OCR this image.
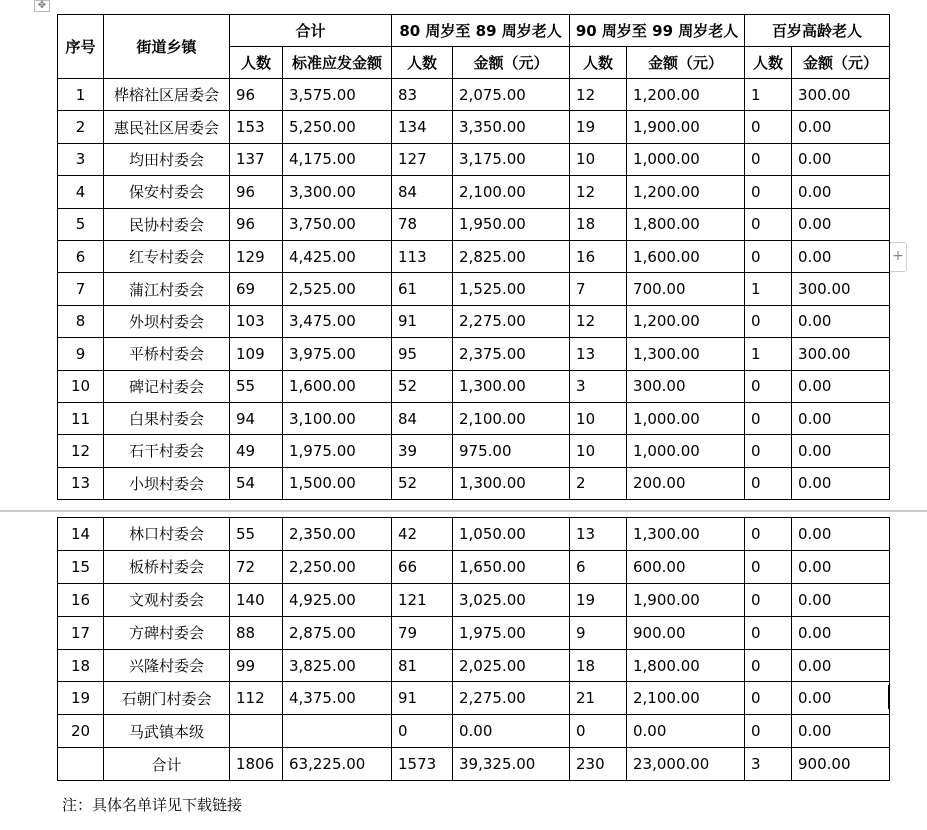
✥
+
序号	街道乡镇	合计		80 周岁至 89 周岁老人		90 周岁至 99 周岁老人		百岁高龄老人	
		人数	标准应发金额	人数	金额（元）	人数	金额（元）	人数	金额（元）
1	桦榕社区居委会	96	3,575.00	83	2,075.00	12	1,200.00	1	300.00
2	惠民社区居委会	153	5,250.00	134	3,350.00	19	1,900.00	0	0.00
3	均田村委会	137	4,175.00	127	3,175.00	10	1,000.00	0	0.00
4	保安村委会	96	3,300.00	84	2,100.00	12	1,200.00	0	0.00
5	民协村委会	96	3,750.00	78	1,950.00	18	1,800.00	0	0.00
6	红专村委会	129	4,425.00	113	2,825.00	16	1,600.00	0	0.00
7	蒲江村委会	69	2,525.00	61	1,525.00	7	700.00	1	300.00
8	外坝村委会	103	3,475.00	91	2,275.00	12	1,200.00	0	0.00
9	平桥村委会	109	3,975.00	95	2,375.00	13	1,300.00	1	300.00
10	碑记村委会	55	1,600.00	52	1,300.00	3	300.00	0	0.00
11	白果村委会	94	3,100.00	84	2,100.00	10	1,000.00	0	0.00
12	石干村委会	49	1,975.00	39	975.00	10	1,000.00	0	0.00
13	小坝村委会	54	1,500.00	52	1,300.00	2	200.00	0	0.00
14	林口村委会	55	2,350.00	42	1,050.00	13	1,300.00	0	0.00
15	板桥村委会	72	2,250.00	66	1,650.00	6	600.00	0	0.00
16	文观村委会	140	4,925.00	121	3,025.00	19	1,900.00	0	0.00
17	方碑村委会	88	2,875.00	79	1,975.00	9	900.00	0	0.00
18	兴隆村委会	99	3,825.00	81	2,025.00	18	1,800.00	0	0.00
19	石朝门村委会	112	4,375.00	91	2,275.00	21	2,100.00	0	0.00
20	马武镇本级			0	0.00	0	0.00	0	0.00
	合计	1806	63,225.00	1573	39,325.00	230	23,000.00	3	900.00
注：具体名单详见下载链接
